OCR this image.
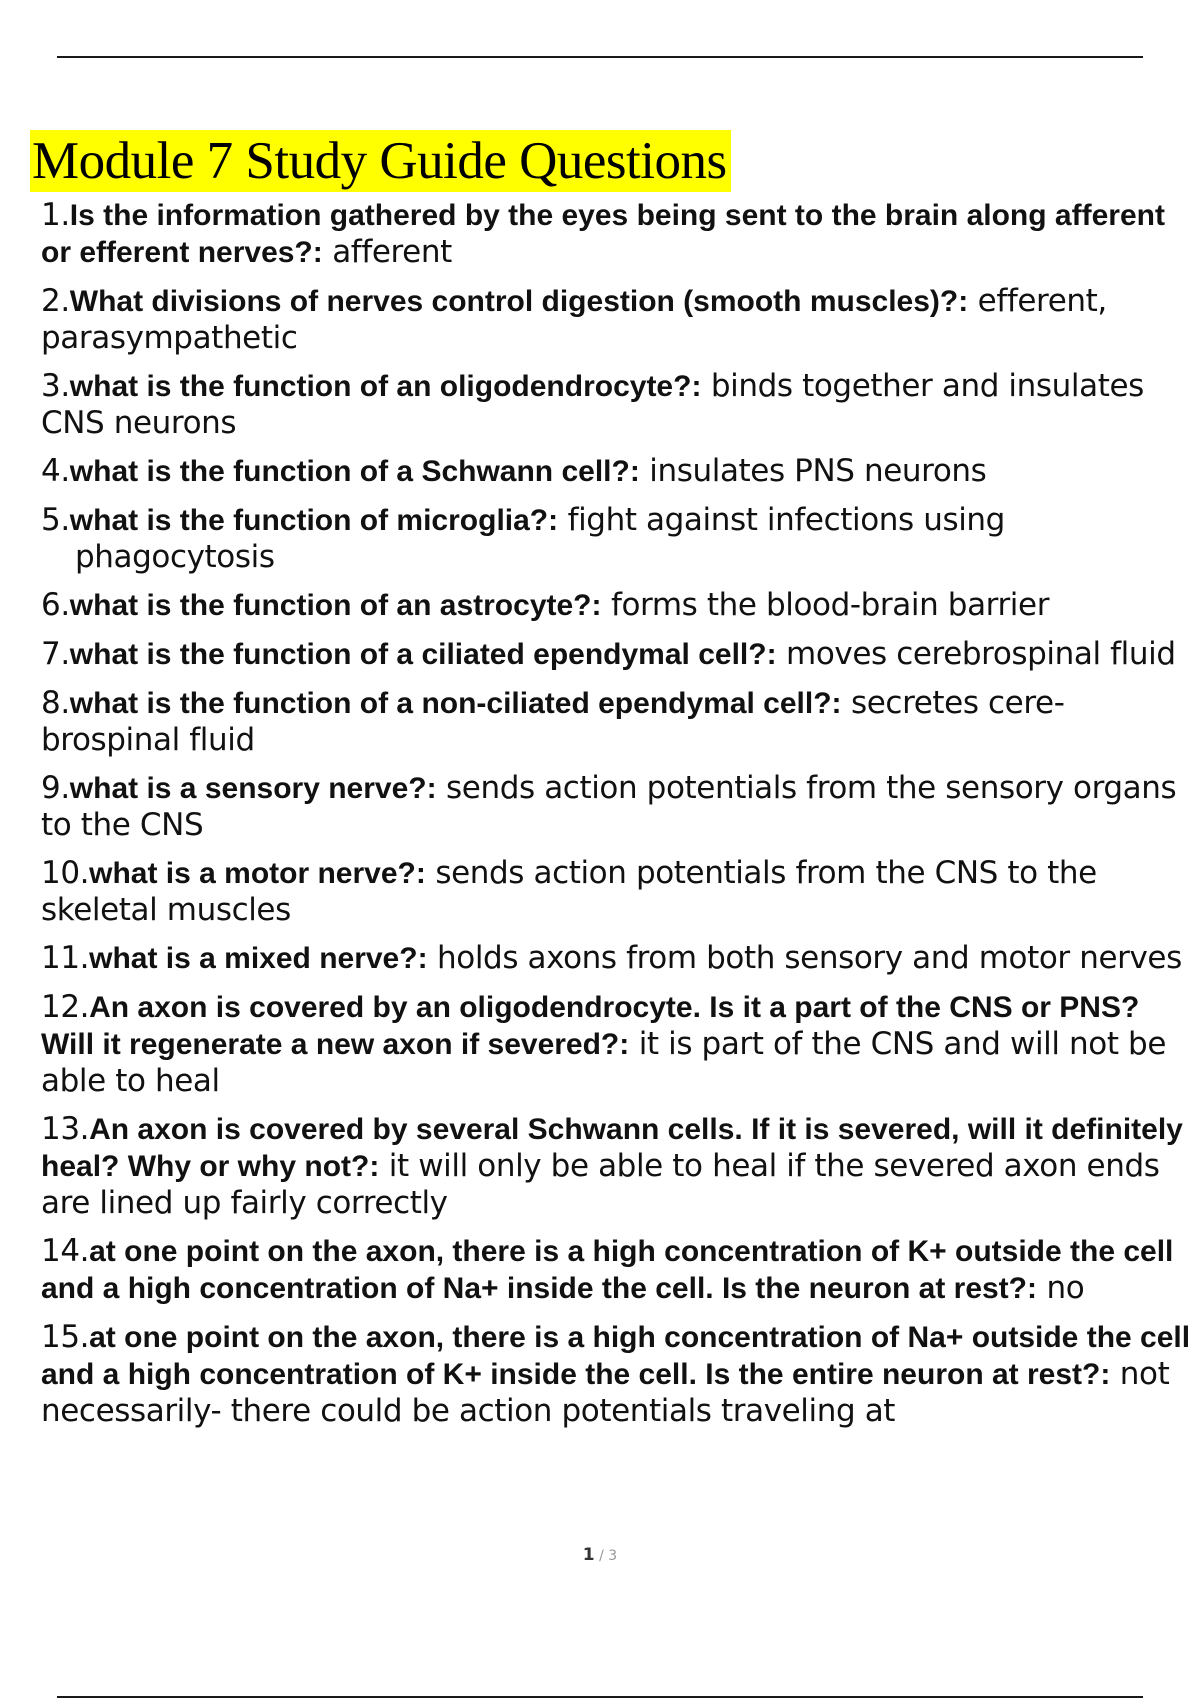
Module 7 Study Guide Questions
1.Is the information gathered by the eyes being sent to the brain along afferent or efferent nerves?: afferent
2.What divisions of nerves control digestion (smooth muscles)?: efferent, parasympathetic
3.what is the function of an oligodendrocyte?: binds together and insulates CNS neurons
4.what is the function of a Schwann cell?: insulates PNS neurons
5.what is the function of microglia?: fight against infections using phagocytosis
6.what is the function of an astrocyte?: forms the blood-brain barrier
7.what is the function of a ciliated ependymal cell?: moves cerebrospinal fluid
8.what is the function of a non-ciliated ependymal cell?: secretes cere- brospinal fluid
9.what is a sensory nerve?: sends action potentials from the sensory organs to the CNS
10.what is a motor nerve?: sends action potentials from the CNS to the skeletal muscles
11.what is a mixed nerve?: holds axons from both sensory and motor nerves
12.An axon is covered by an oligodendrocyte. Is it a part of the CNS or PNS? Will it regenerate a new axon if severed?: it is part of the CNS and will not be able to heal
13.An axon is covered by several Schwann cells. If it is severed, will it definitely heal? Why or why not?: it will only be able to heal if the severed axon ends are lined up fairly correctly
14.at one point on the axon, there is a high concentration of K+ outside the cell and a high concentration of Na+ inside the cell. Is the neuron at rest?: no
15.at one point on the axon, there is a high concentration of Na+ outside the cell and a high concentration of K+ inside the cell. Is the entire neuron at rest?: not necessarily- there could be action potentials traveling at
1 / 3
